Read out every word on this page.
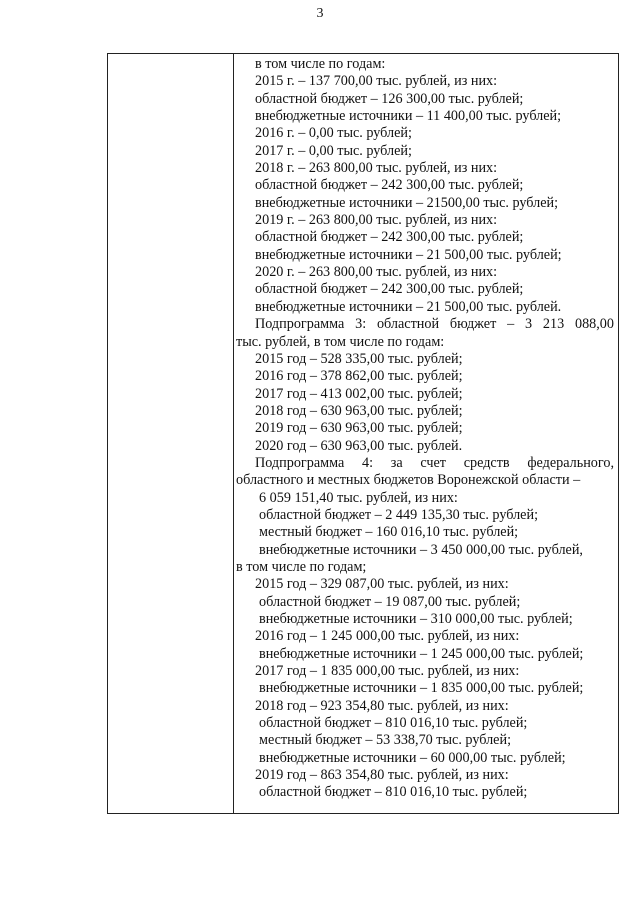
3
в том числе по годам:
2015 г. – 137 700,00 тыс. рублей, из них:
областной бюджет – 126 300,00 тыс. рублей;
внебюджетные источники – 11 400,00 тыс. рублей;
2016 г. – 0,00 тыс. рублей;
2017 г. – 0,00 тыс. рублей;
2018 г. – 263 800,00 тыс. рублей, из них:
областной бюджет – 242 300,00 тыс. рублей;
внебюджетные источники – 21500,00 тыс. рублей;
2019 г. – 263 800,00 тыс. рублей, из них:
областной бюджет – 242 300,00 тыс. рублей;
внебюджетные источники – 21 500,00 тыс. рублей;
2020 г. – 263 800,00 тыс. рублей, из них:
областной бюджет – 242 300,00 тыс. рублей;
внебюджетные источники – 21 500,00 тыс. рублей.
Подпрограмма 3: областной бюджет – 3 213 088,00
тыс. рублей, в том числе по годам:
2015 год – 528 335,00 тыс. рублей;
2016 год – 378 862,00 тыс. рублей;
2017 год – 413 002,00 тыс. рублей;
2018 год – 630 963,00 тыс. рублей;
2019 год – 630 963,00 тыс. рублей;
2020 год – 630 963,00 тыс. рублей.
Подпрограмма 4: за счет средств федерального,
областного и местных бюджетов Воронежской области –
6 059 151,40 тыс. рублей, из них:
областной бюджет – 2 449 135,30 тыс. рублей;
местный бюджет – 160 016,10 тыс. рублей;
внебюджетные источники – 3 450 000,00 тыс. рублей,
в том числе по годам;
2015 год – 329 087,00 тыс. рублей, из них:
областной бюджет – 19 087,00 тыс. рублей;
внебюджетные источники – 310 000,00 тыс. рублей;
2016 год – 1 245 000,00 тыс. рублей, из них:
внебюджетные источники – 1 245 000,00 тыс. рублей;
2017 год – 1 835 000,00 тыс. рублей, из них:
внебюджетные источники – 1 835 000,00 тыс. рублей;
2018 год – 923 354,80 тыс. рублей, из них:
областной бюджет – 810 016,10 тыс. рублей;
местный бюджет – 53 338,70 тыс. рублей;
внебюджетные источники – 60 000,00 тыс. рублей;
2019 год – 863 354,80 тыс. рублей, из них:
областной бюджет – 810 016,10 тыс. рублей;
